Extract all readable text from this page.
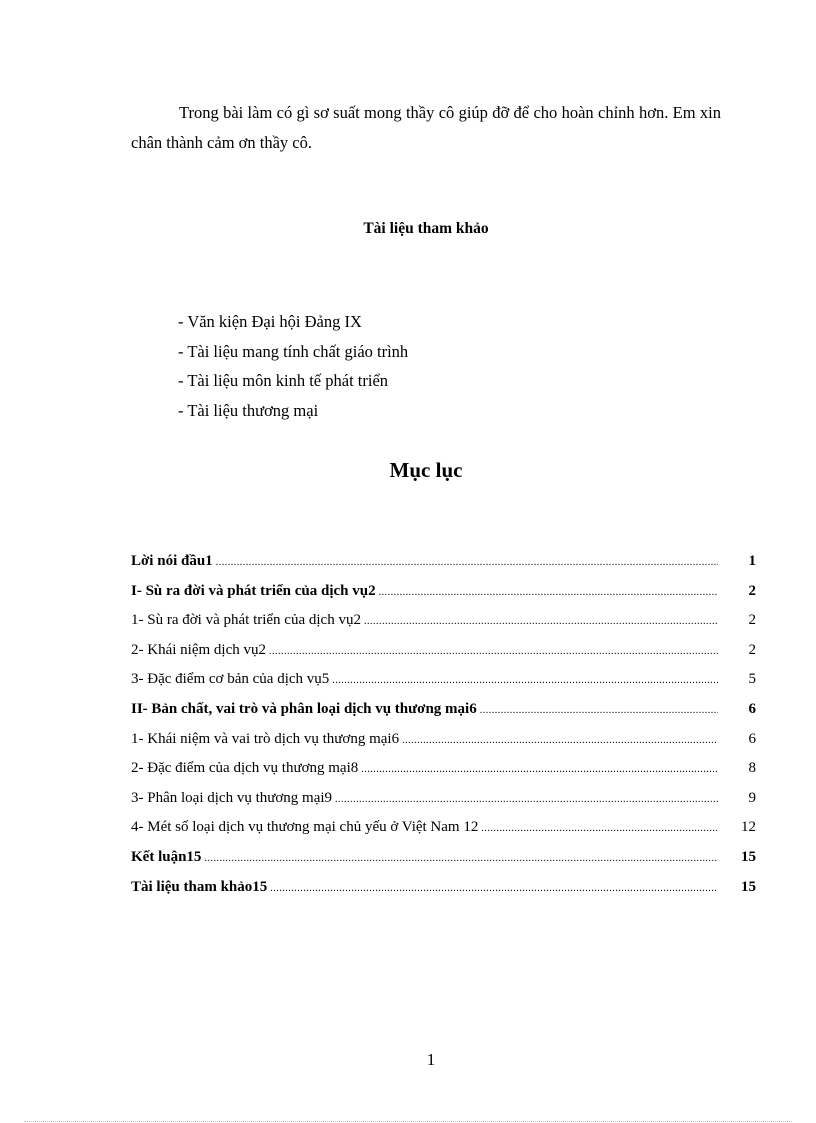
Trong bài làm có gì sơ suất mong thầy cô giúp đỡ để cho hoàn chỉnh hơn. Em xin chân thành cảm ơn thầy cô.

Tài liệu tham khảo
- Văn kiện Đại hội Đảng IX
- Tài liệu mang tính chất giáo trình
- Tài liệu môn kinh tế phát triển
- Tài liệu thương mại
Mục lục
Lời nói đầu1 .....	1
I- Sù ra đời và phát triển của dịch vụ2 .....	2
1- Sù ra đời và phát triển của dịch vụ2 .....	2
2- Khái niệm dịch vụ2 .....	2
3- Đặc điểm cơ bản của dịch vụ5 .....	5
II- Bản chất, vai trò và phân loại dịch vụ thương mại6 .....	6
1- Khái niệm và vai trò dịch vụ thương mại6 .....	6
2- Đặc điểm của dịch vụ thương mại8 .....	8
3- Phân loại dịch vụ thương mại9 .....	9
4- Mét số loại dịch vụ thương mại chủ yếu ở Việt Nam 12 .....	12
Kết luận15 .....	15
Tài liệu tham khảo15 .....	15

1
